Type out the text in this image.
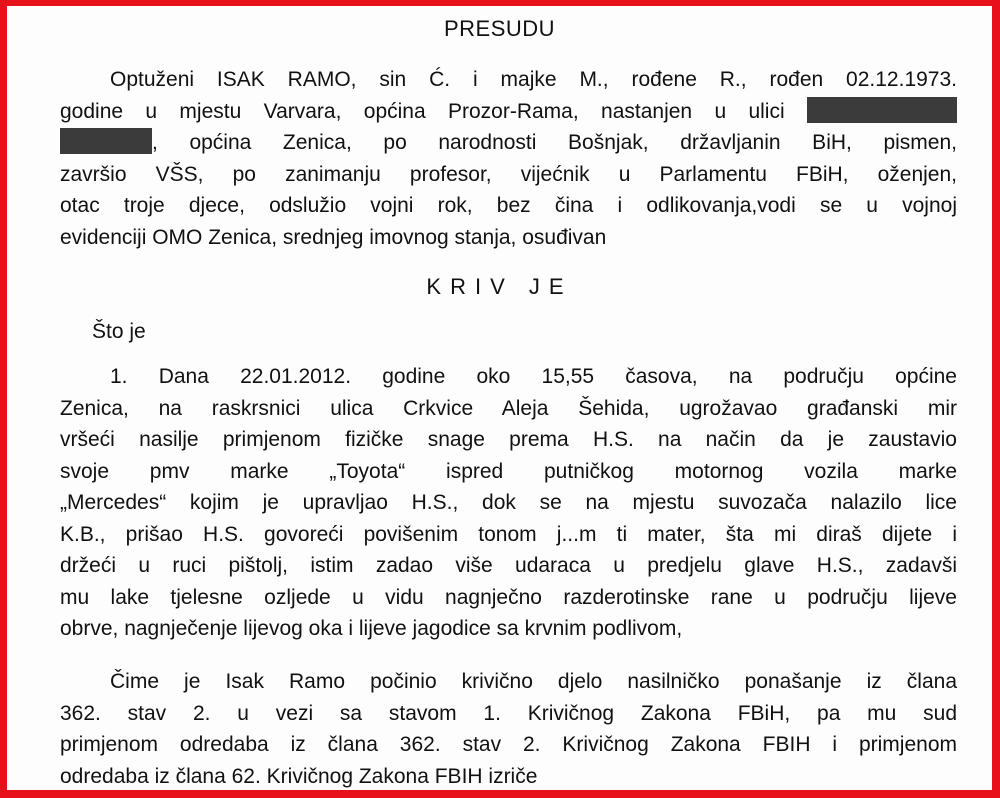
PRESUDU
Optuženi ISAK RAMO, sin Ć. i majke M., rođene R., rođen 02.12.1973.
godine u mjestu Varvara, općina Prozor-Rama, nastanjen u ulici
, općina Zenica, po narodnosti Bošnjak, državljanin BiH, pismen,
završio VŠS, po zanimanju profesor, vijećnik u Parlamentu FBiH, oženjen,
otac troje djece, odslužio vojni rok, bez čina i odlikovanja,vodi se u vojnoj
evidenciji OMO Zenica, srednjeg imovnog stanja, osuđivan
KRIV JE
Što je
1. Dana 22.01.2012. godine oko 15,55 časova, na području općine
Zenica, na raskrsnici ulica Crkvice Aleja Šehida, ugrožavao građanski mir
vršeći nasilje primjenom fizičke snage prema H.S. na način da je zaustavio
svoje pmv marke „Toyota“ ispred putničkog motornog vozila marke
„Mercedes“ kojim je upravljao H.S., dok se na mjestu suvozača nalazilo lice
K.B., prišao H.S. govoreći povišenim tonom j...m ti mater, šta mi diraš dijete i
držeći u ruci pištolj, istim zadao više udaraca u predjelu glave H.S., zadavši
mu lake tjelesne ozljede u vidu nagnječno razderotinske rane u području lijeve
obrve, nagnječenje lijevog oka i lijeve jagodice sa krvnim podlivom,
Čime je Isak Ramo počinio krivično djelo nasilničko ponašanje iz člana
362. stav 2. u vezi sa stavom 1. Krivičnog Zakona FBiH, pa mu sud
primjenom odredaba iz člana 362. stav 2. Krivičnog Zakona FBIH i primjenom
odredaba iz člana 62. Krivičnog Zakona FBIH izriče
